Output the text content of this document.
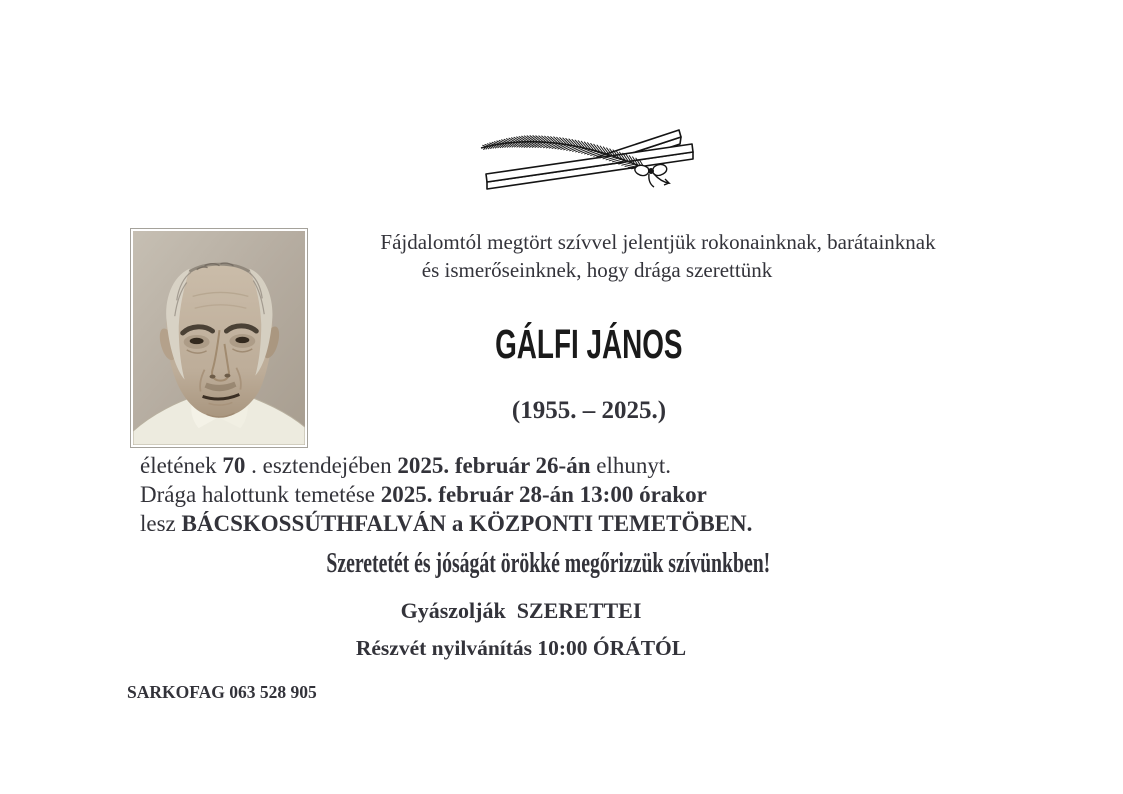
Fájdalomtól megtört szívvel jelentjük rokonainknak, barátainknak
és ismerőseinknek, hogy drága szerettünk
GÁLFI JÁNOS
(1955. – 2025.)
életének 70 . esztendejében 2025. február 26-án elhunyt.
Drága halottunk temetése 2025. február 28-án 13:00 órakor
lesz BÁCSKOSSÚTHFALVÁN a KÖZPONTI TEMETÖBEN.
Szeretetét és jóságát örökké megőrizzük szívünkben!
Gyászolják  SZERETTEI
Részvét nyilvánítás 10:00 ÓRÁTÓL
SARKOFAG 063 528 905
